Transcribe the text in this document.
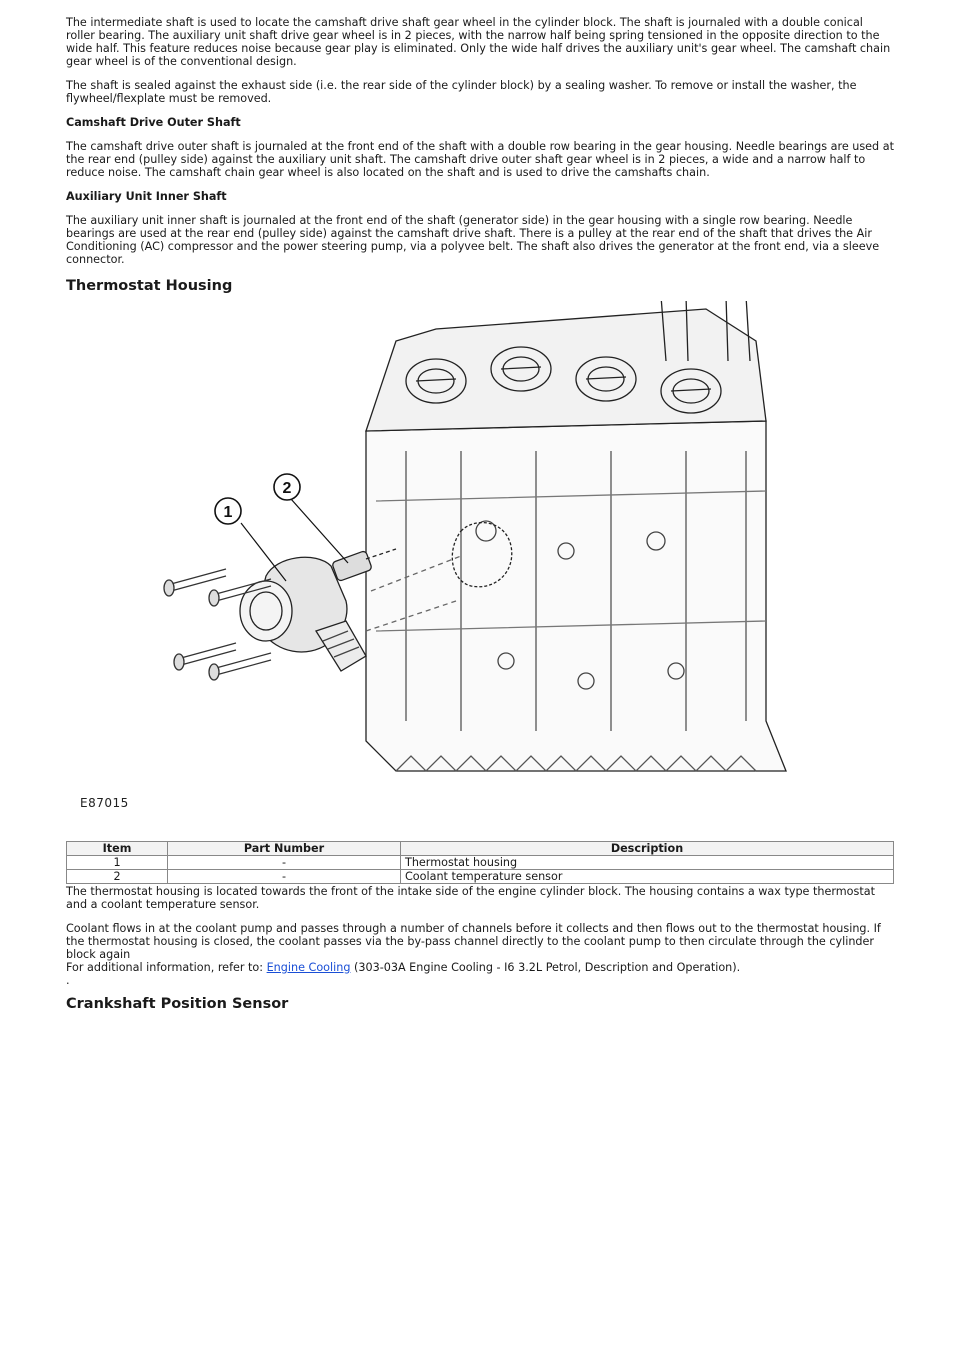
The intermediate shaft is used to locate the camshaft drive shaft gear wheel in the cylinder block. The shaft is journaled with a double conical roller bearing. The auxiliary unit shaft drive gear wheel is in 2 pieces, with the narrow half being spring tensioned in the opposite direction to the wide half. This feature reduces noise because gear play is eliminated. Only the wide half drives the auxiliary unit's gear wheel. The camshaft chain gear wheel is of the conventional design.

The shaft is sealed against the exhaust side (i.e. the rear side of the cylinder block) by a sealing washer. To remove or install the washer, the flywheel/flexplate must be removed.

Camshaft Drive Outer Shaft

The camshaft drive outer shaft is journaled at the front end of the shaft with a double row bearing in the gear housing. Needle bearings are used at the rear end (pulley side) against the auxiliary unit shaft. The camshaft drive outer shaft gear wheel is in 2 pieces, a wide and a narrow half to reduce noise. The camshaft chain gear wheel is also located on the shaft and is used to drive the camshafts chain.

Auxiliary Unit Inner Shaft

The auxiliary unit inner shaft is journaled at the front end of the shaft (generator side) in the gear housing with a single row bearing. Needle bearings are used at the rear end (pulley side) against the camshaft drive shaft. There is a pulley at the rear end of the shaft that drives the Air Conditioning (AC) compressor and the power steering pump, via a polyvee belt. The shaft also drives the generator at the front end, via a sleeve connector.

Thermostat Housing
1
2
E87015
Item	Part Number	Description
1	-	Thermostat housing
2	-	Coolant temperature sensor

The thermostat housing is located towards the front of the intake side of the engine cylinder block. The housing contains a wax type thermostat and a coolant temperature sensor.

Coolant flows in at the coolant pump and passes through a number of channels before it collects and then flows out to the thermostat housing. If the thermostat housing is closed, the coolant passes via the by-pass channel directly to the coolant pump to then circulate through the cylinder block again

For additional information, refer to: Engine Cooling (303-03A Engine Cooling - I6 3.2L Petrol, Description and Operation).
.
Crankshaft Position Sensor
